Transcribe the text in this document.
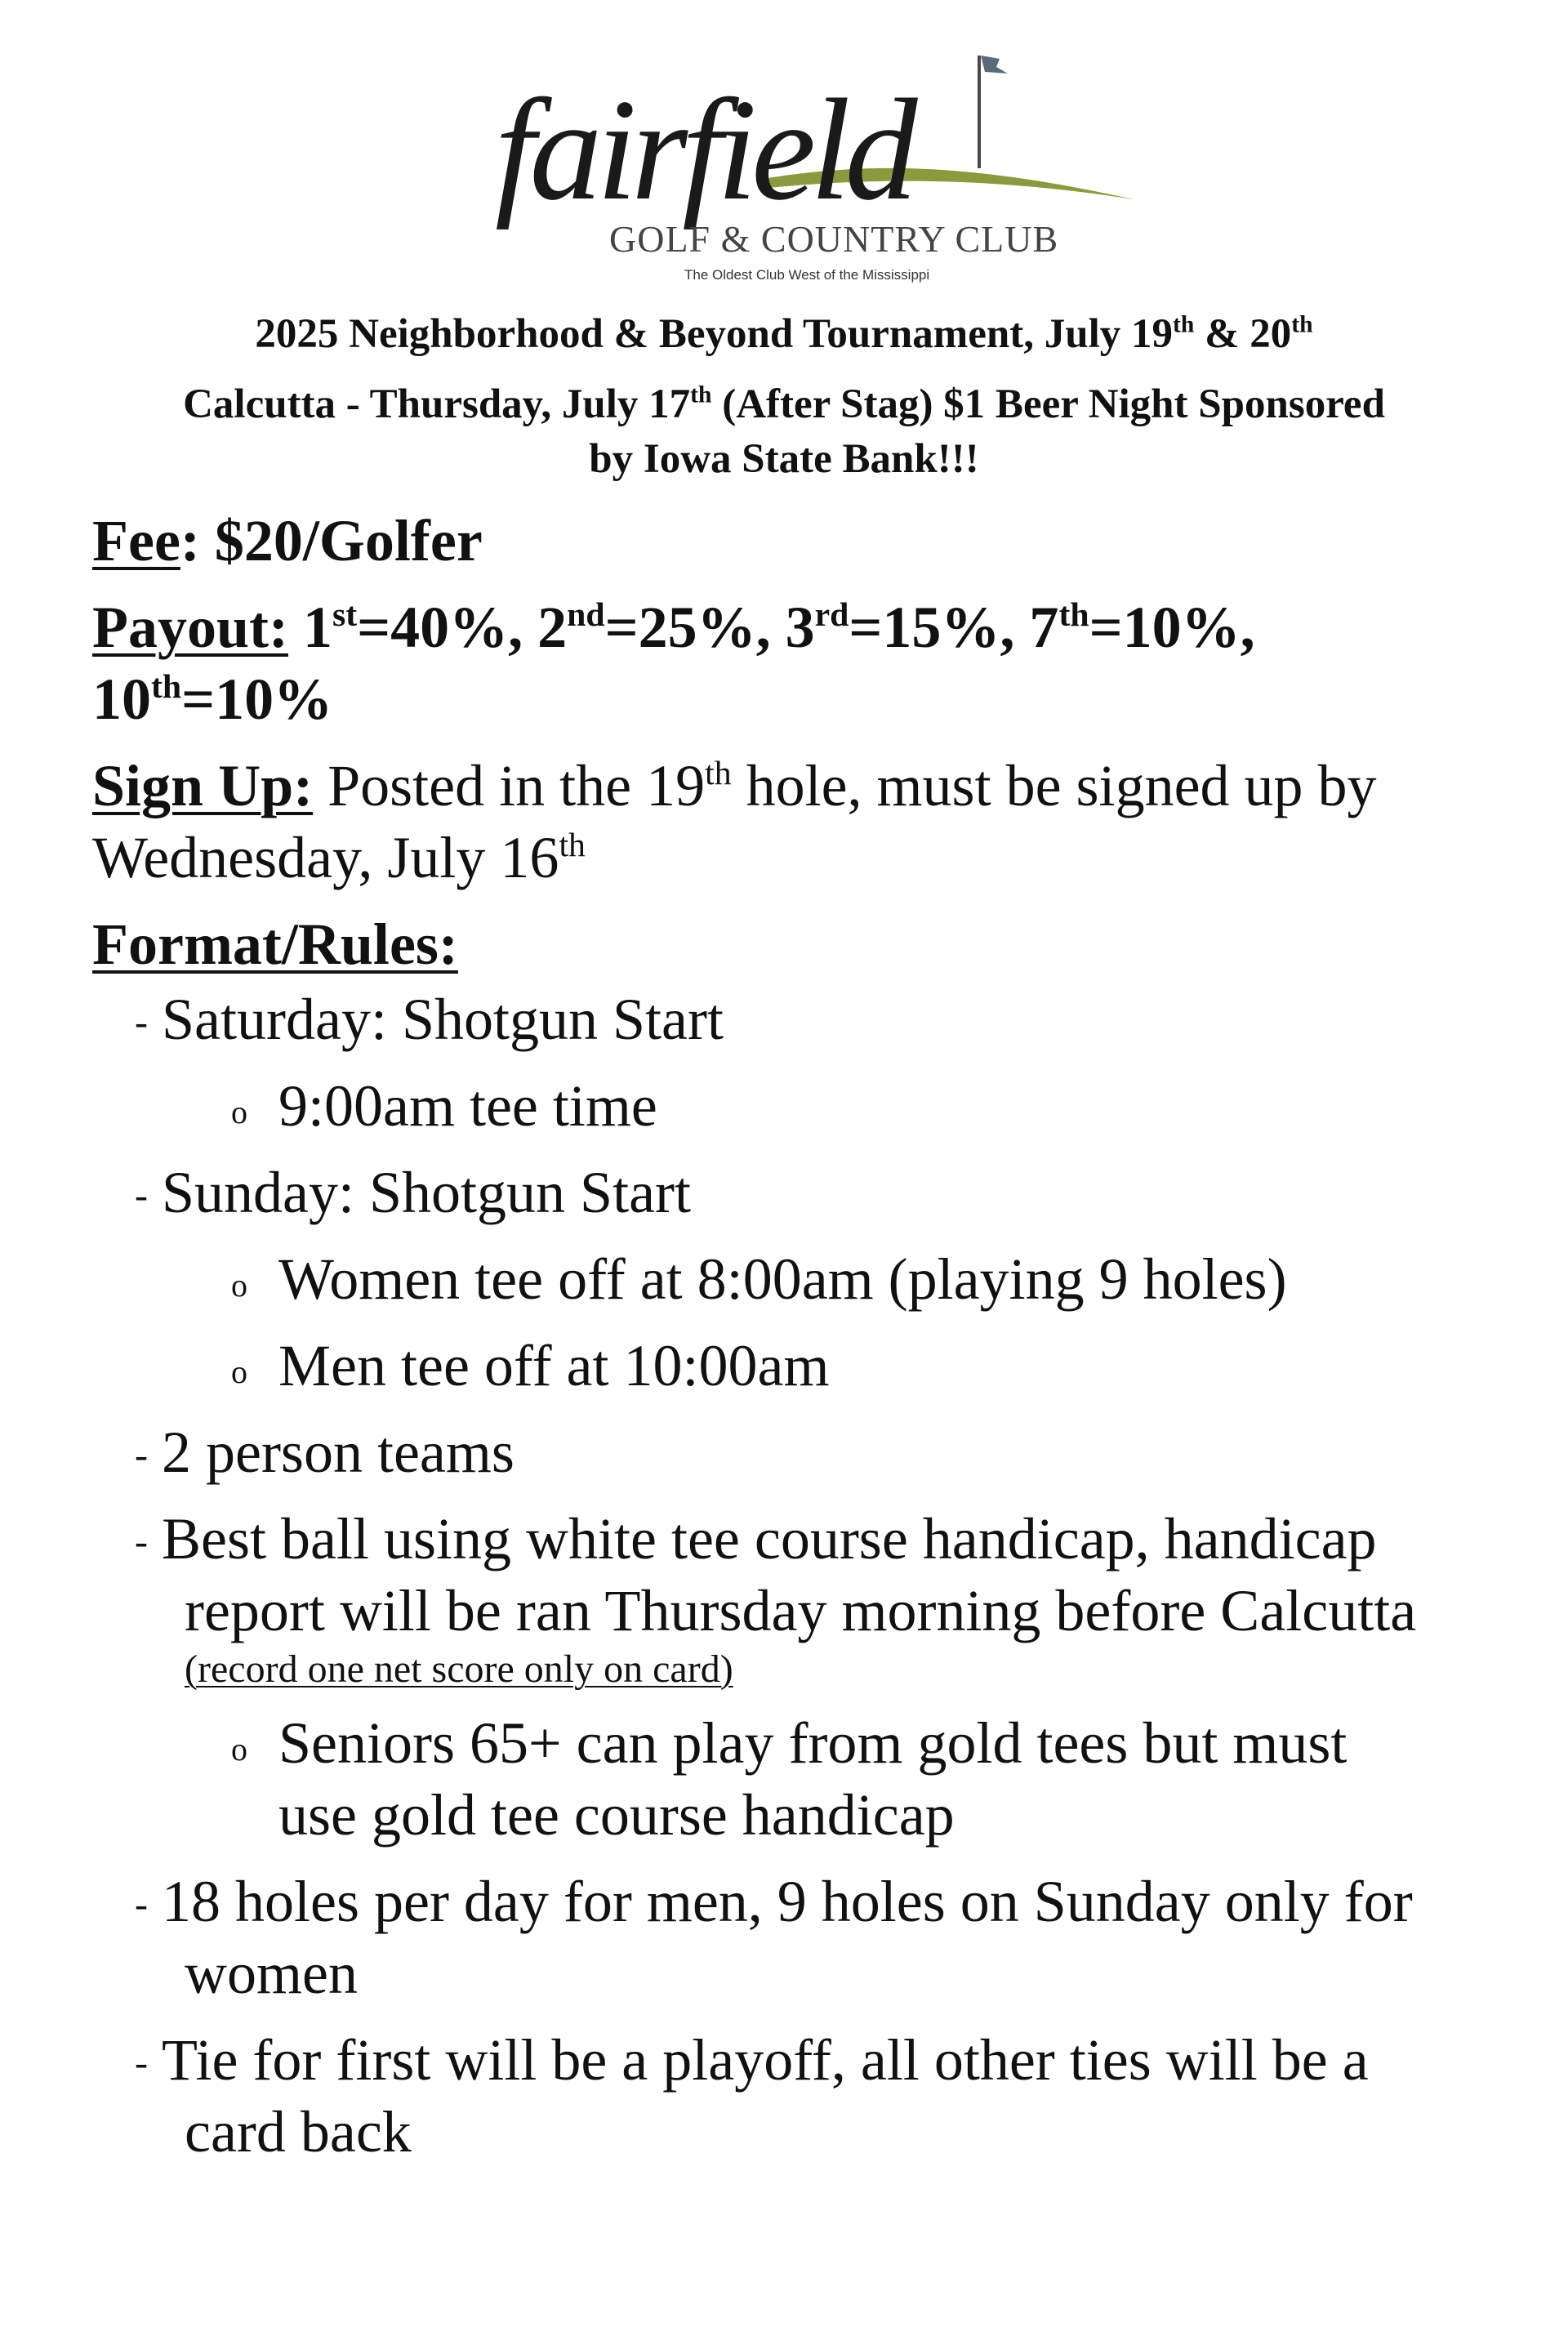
fairfield
GOLF & COUNTRY CLUB
The Oldest Club West of the Mississippi
2025 Neighborhood & Beyond Tournament, July 19th & 20th
Calcutta - Thursday, July 17th (After Stag) $1 Beer Night Sponsored
by Iowa State Bank!!!
Fee: $20/Golfer
Payout: 1st=40%, 2nd=25%, 3rd=15%, 7th=10%,
10th=10%
Sign Up: Posted in the 19th hole, must be signed up by
Wednesday, July 16th
Format/Rules:
- Saturday: Shotgun Start
o 9:00am tee time
- Sunday: Shotgun Start
o Women tee off at 8:00am (playing 9 holes)
o Men tee off at 10:00am
- 2 person teams
- Best ball using white tee course handicap, handicap
report will be ran Thursday morning before Calcutta
(record one net score only on card)
o Seniors 65+ can play from gold tees but must
use gold tee course handicap
- 18 holes per day for men, 9 holes on Sunday only for
women
- Tie for first will be a playoff, all other ties will be a
card back
